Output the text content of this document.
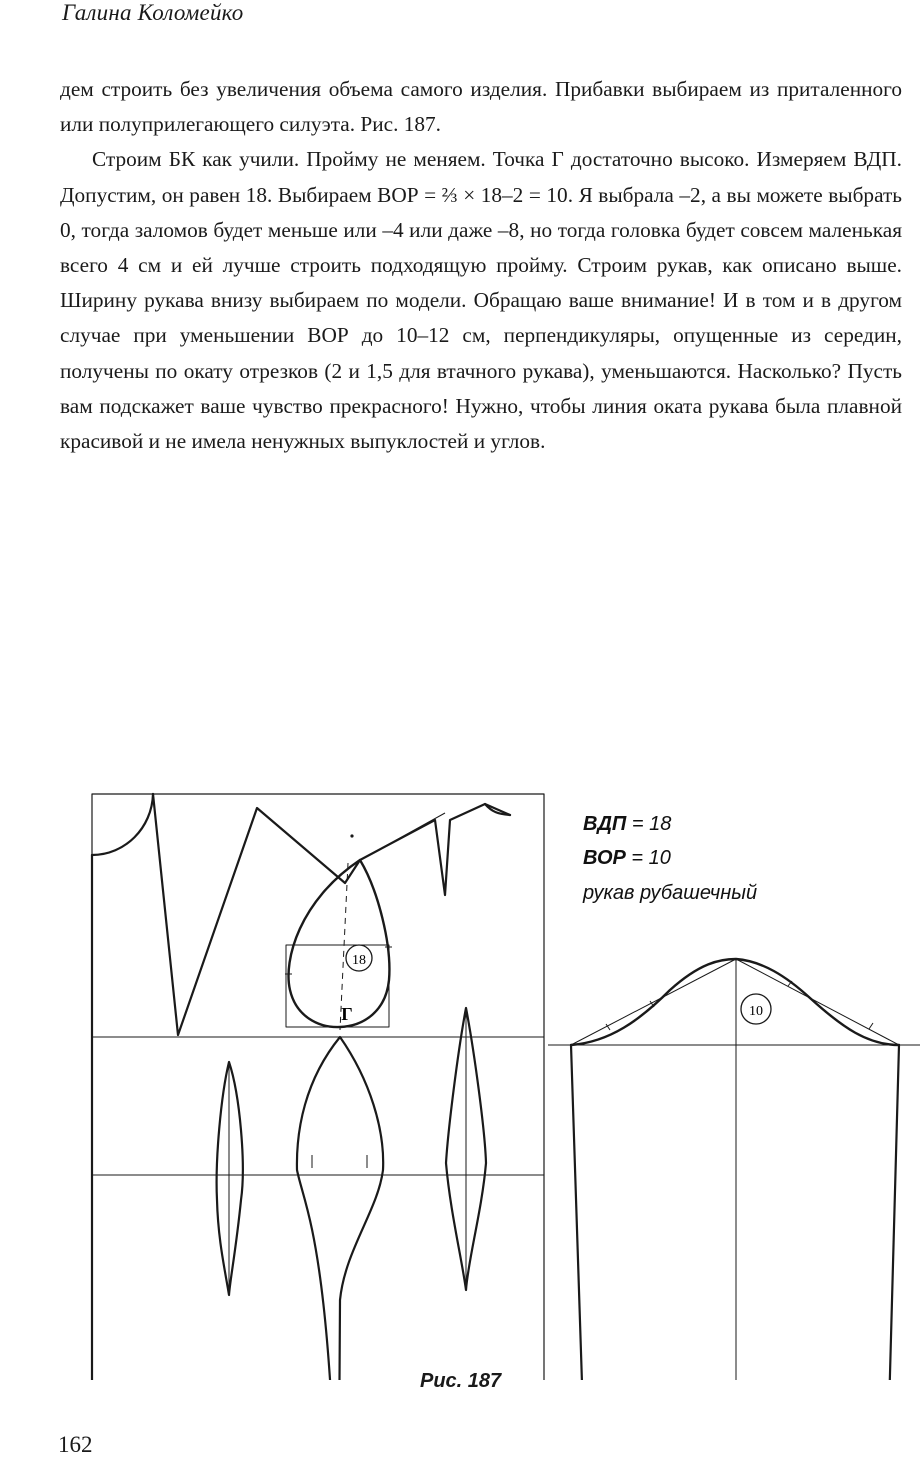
Галина Коломейко

дем строить без увеличения объема самого изделия. Прибавки выбираем из приталенного или полуприлегающего силуэта. Рис. 187.

Строим БК как учили. Пройму не меняем. Точка Г достаточно высоко. Измеряем ВДП. Допустим, он равен 18. Выбираем ВОР = ⅔ × 18–2 = 10. Я выбрала –2, а вы можете выбрать 0, тогда заломов будет меньше или –4 или даже –8, но тогда головка будет совсем маленькая всего 4 см и ей лучше строить подходящую пройму. Строим рукав, как описано выше. Ширину рукава внизу выбираем по модели. Обращаю ваше внимание! И в том и в другом случае при уменьшении ВОР до 10–12 см, перпендикуляры, опущенные из середин, получены по окату отрезков (2 и 1,5 для втачного рукава), уменьшаются. Насколько? Пусть вам подскажет ваше чувство прекрасного! Нужно, чтобы линия оката рукава была плавной красивой и не имела ненужных выпуклостей и углов.

18
10
Г
ВДП = 18
ВОР = 10
рукав рубашечный
Рис. 187
162
